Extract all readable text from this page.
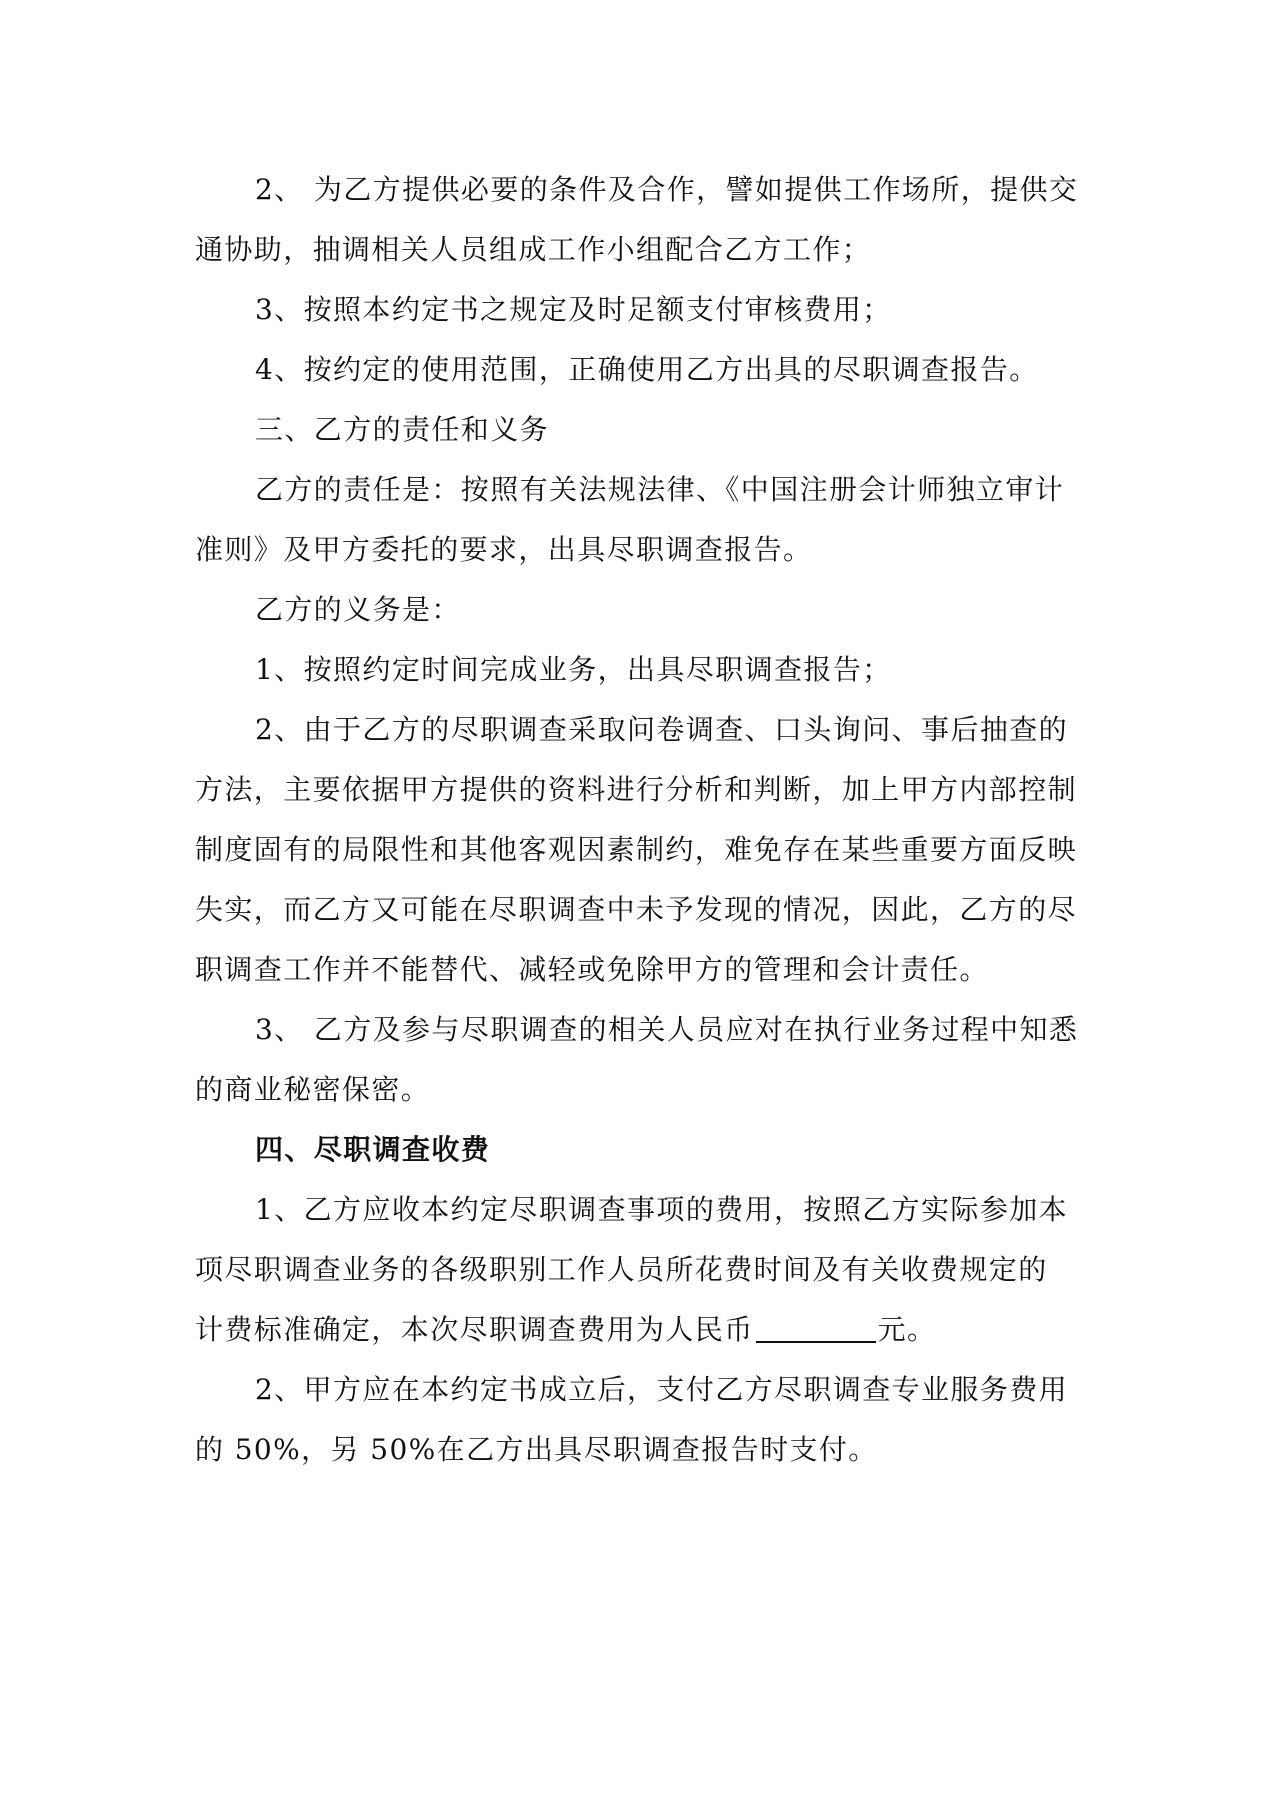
2、 为乙方提供必要的条件及合作，譬如提供工作场所，提供交
通协助，抽调相关人员组成工作小组配合乙方工作；
3、按照本约定书之规定及时足额支付审核费用；
4、按约定的使用范围，正确使用乙方出具的尽职调查报告。
三、乙方的责任和义务
乙方的责任是：按照有关法规法律、《中国注册会计师独立审计
准则》及甲方委托的要求，出具尽职调查报告。
乙方的义务是：
1、按照约定时间完成业务，出具尽职调查报告；
2、由于乙方的尽职调查采取问卷调查、口头询问、事后抽查的
方法，主要依据甲方提供的资料进行分析和判断，加上甲方内部控制
制度固有的局限性和其他客观因素制约，难免存在某些重要方面反映
失实，而乙方又可能在尽职调查中未予发现的情况，因此，乙方的尽
职调查工作并不能替代、减轻或免除甲方的管理和会计责任。
3、 乙方及参与尽职调查的相关人员应对在执行业务过程中知悉
的商业秘密保密。
四、尽职调查收费
1、乙方应收本约定尽职调查事项的费用，按照乙方实际参加本
项尽职调查业务的各级职别工作人员所花费时间及有关收费规定的
计费标准确定，本次尽职调查费用为人民币	元。
2、甲方应在本约定书成立后，支付乙方尽职调查专业服务费用
的 50%，另 50%在乙方出具尽职调查报告时支付。
